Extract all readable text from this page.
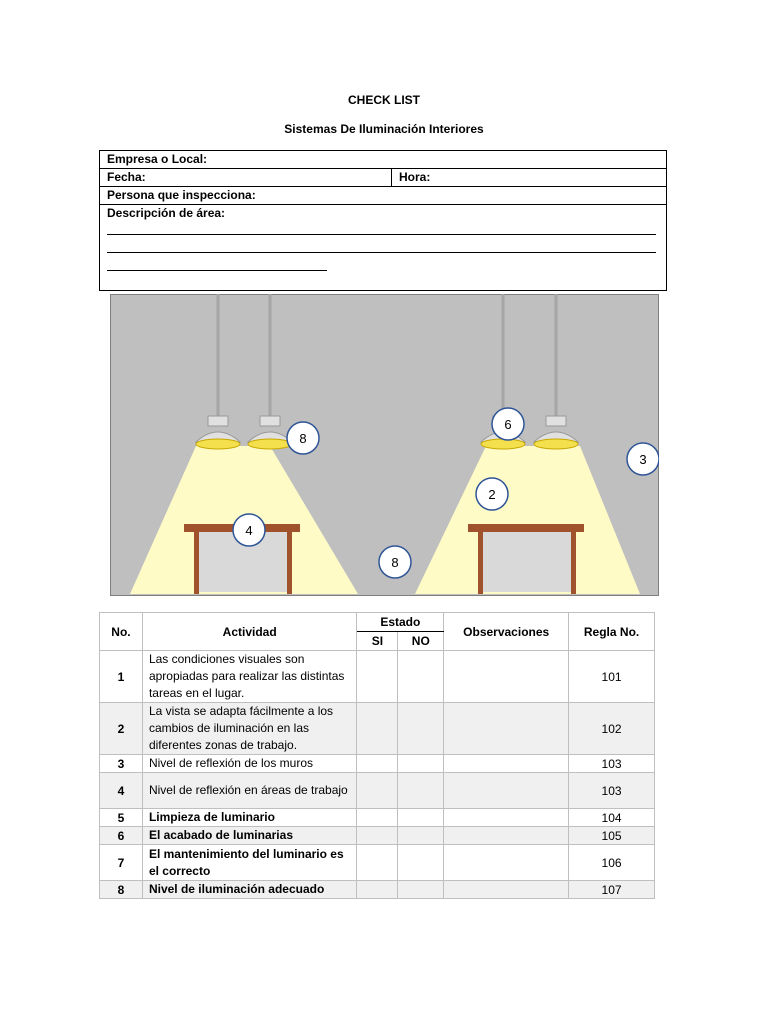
CHECK LIST
Sistemas De Iluminación Interiores
Empresa o Local:
Fecha:	Hora:
Persona que inspecciona:
Descripción de área:
8
6
3
2
4
8
No.	Actividad	Estado		Observaciones	Regla No.
		SI	NO		
1	Las condiciones visuales son apropiadas para realizar las distintas tareas en el lugar.				101
2	La vista se adapta fácilmente a los cambios de iluminación en las diferentes zonas de trabajo.				102
3	Nivel de reflexión de los muros				103
4	Nivel de reflexión en áreas de trabajo				103
5	Limpieza de luminario				104
6	El acabado de luminarias				105
7	El mantenimiento del luminario es el correcto				106
8	Nivel de iluminación adecuado				107
